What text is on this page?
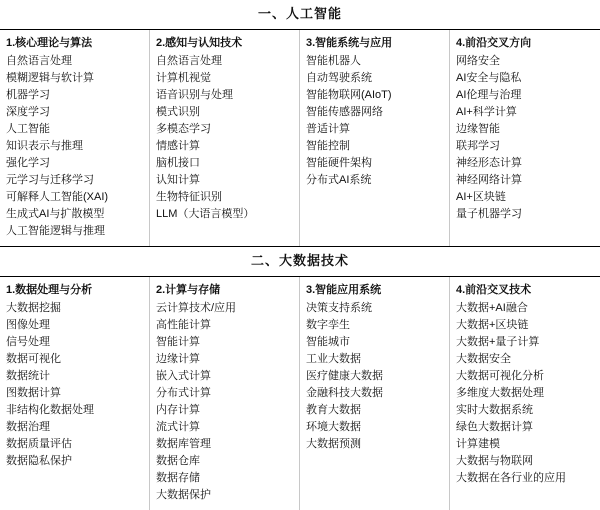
一、人工智能
1.核心理论与算法
自然语言处理
模糊逻辑与软计算
机器学习
深度学习
人工智能
知识表示与推理
强化学习
元学习与迁移学习
可解释人工智能(XAI)
生成式AI与扩散模型
人工智能逻辑与推理
2.感知与认知技术
自然语言处理
计算机视觉
语音识别与处理
模式识别
多模态学习
情感计算
脑机接口
认知计算
生物特征识别
LLM（大语言模型）
3.智能系统与应用
智能机器人
自动驾驶系统
智能物联网(AIoT)
智能传感器网络
普适计算
智能控制
智能硬件架构
分布式AI系统
4.前沿交叉方向
网络安全
AI安全与隐私
AI伦理与治理
AI+科学计算
边缘智能
联邦学习
神经形态计算
神经网络计算
AI+区块链
量子机器学习
二、大数据技术
1.数据处理与分析
大数据挖掘
图像处理
信号处理
数据可视化
数据统计
图数据计算
非结构化数据处理
数据治理
数据质量评估
数据隐私保护
2.计算与存储
云计算技术/应用
高性能计算
智能计算
边缘计算
嵌入式计算
分布式计算
内存计算
流式计算
数据库管理
数据仓库
数据存储
大数据保护
3.智能应用系统
决策支持系统
数字孪生
智能城市
工业大数据
医疗健康大数据
金融科技大数据
教育大数据
环境大数据
大数据预测
4.前沿交叉技术
大数据+AI融合
大数据+区块链
大数据+量子计算
大数据安全
大数据可视化分析
多维度大数据处理
实时大数据系统
绿色大数据计算
计算建模
大数据与物联网
大数据在各行业的应用
